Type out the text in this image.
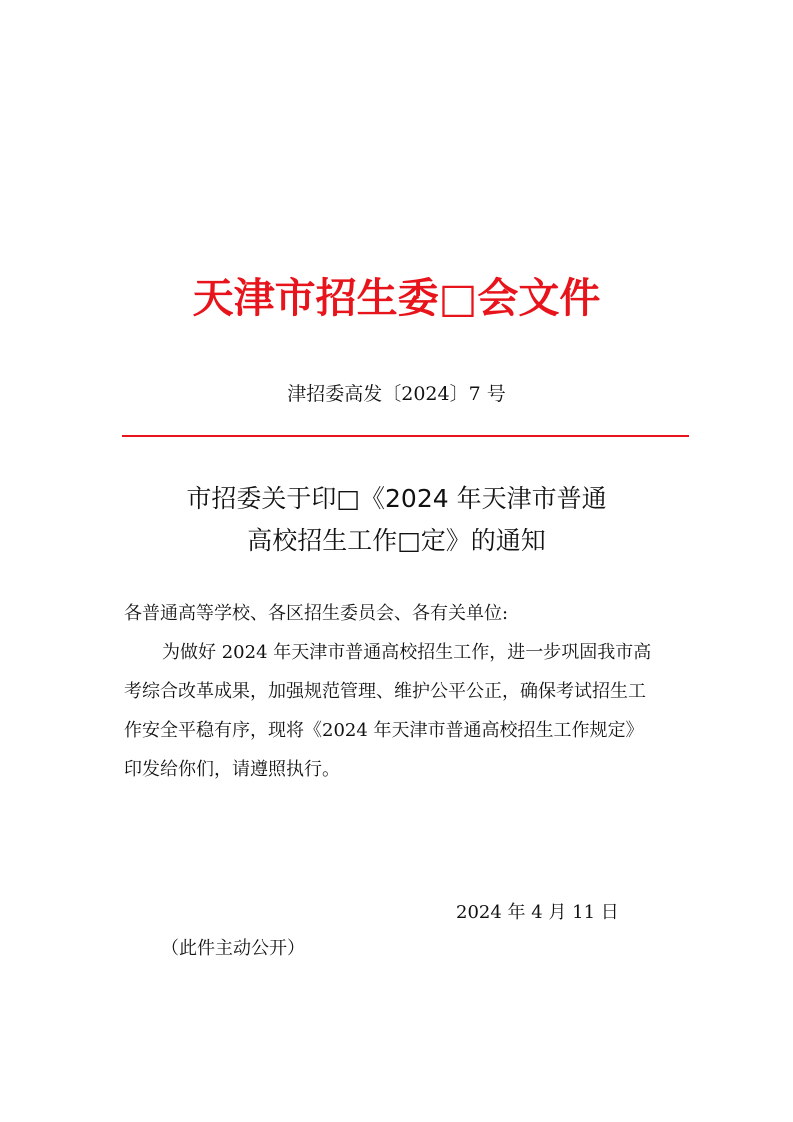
天津市招生委□会文件
津招委高发〔2024〕7 号
市招委关于印□《2024 年天津市普通
高校招生工作□定》的通知
各普通高等学校、各区招生委员会、各有关单位:
为做好 2024 年天津市普通高校招生工作，进一步巩固我市高
考综合改革成果，加强规范管理、维护公平公正，确保考试招生工
作安全平稳有序，现将《2024 年天津市普通高校招生工作规定》
印发给你们，请遵照执行。
2024 年 4 月 11 日
（此件主动公开）
